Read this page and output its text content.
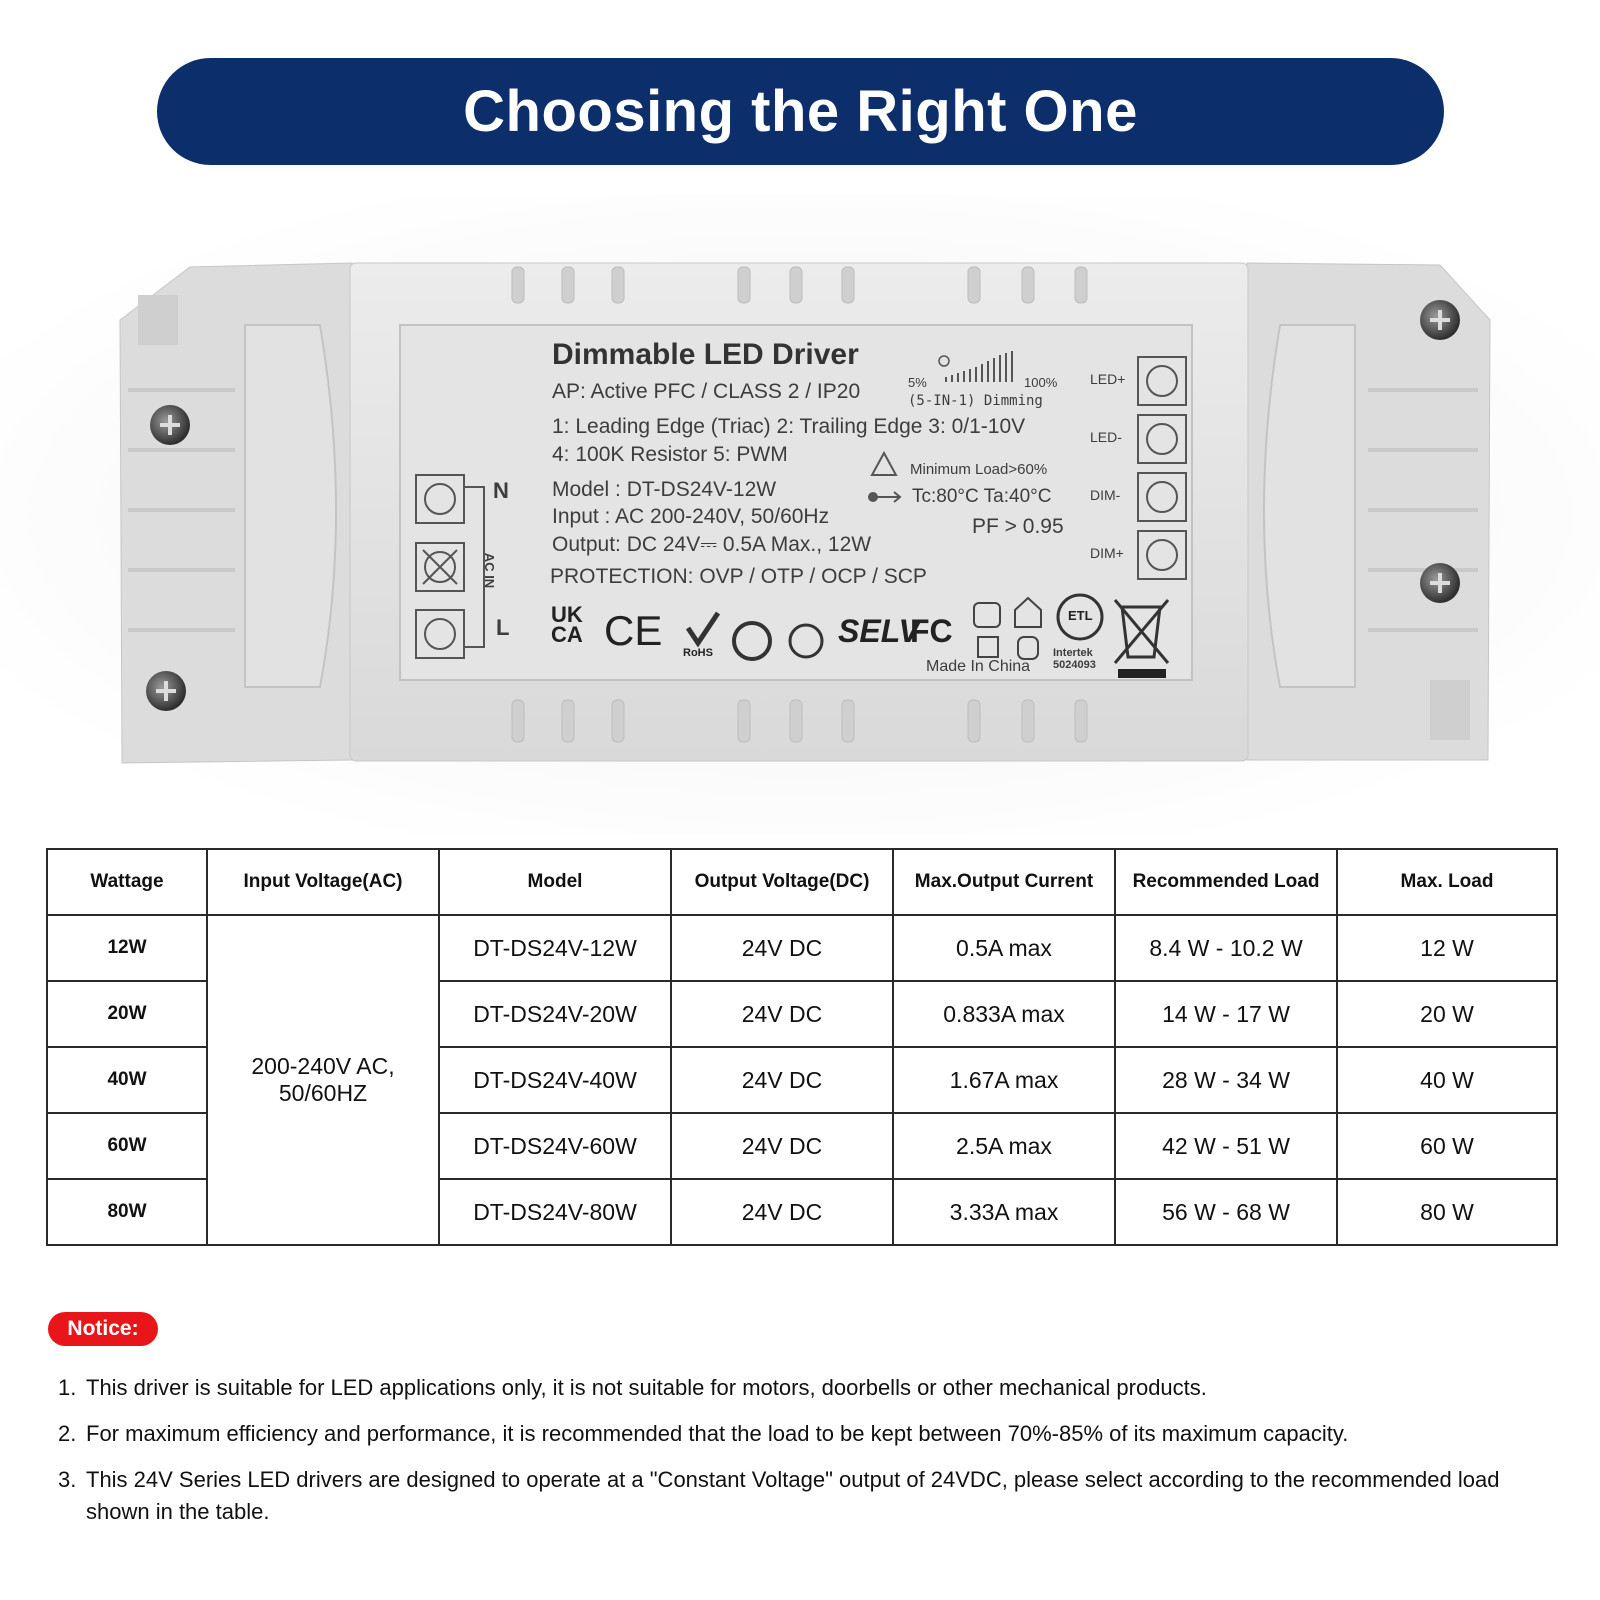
Choosing the Right One
Dimmable LED Driver
AP: Active PFC / CLASS 2 / IP20	5%	100%
(5-IN-1) Dimming
1: Leading Edge (Triac) 2: Trailing Edge 3: 0/1-10V
4: 100K Resistor 5: PWM
Minimum Load>60%
Model : DT-DS24V-12W	Tc:80°C Ta:40°C
Input : AC 200-240V, 50/60Hz	PF > 0.95
Output: DC 24V⎓ 0.5A Max., 12W
PROTECTION: OVP / OTP / OCP / SCP
N
L
AC IN
LED+
LED-
DIM-
DIM+
UK
CA CE RoHS
SELV
FC	ETL
Intertek
5024093
Made In China
Wattage	Input Voltage(AC)	Model	Output Voltage(DC)	Max.Output Current	Recommended Load	Max. Load
12W	200-240V AC,
50/60HZ	DT-DS24V-12W	24V DC	0.5A max	8.4 W - 10.2 W	12 W
20W		DT-DS24V-20W	24V DC	0.833A max	14 W - 17 W	20 W
40W		DT-DS24V-40W	24V DC	1.67A max	28 W - 34 W	40 W
60W		DT-DS24V-60W	24V DC	2.5A max	42 W - 51 W	60 W
80W		DT-DS24V-80W	24V DC	3.33A max	56 W - 68 W	80 W
Notice:
1. This driver is suitable for LED applications only, it is not suitable for motors, doorbells or other mechanical products.
2. For maximum efficiency and performance, it is recommended that the load to be kept between 70%-85% of its maximum capacity.
3. This 24V Series LED drivers are designed to operate at a "Constant Voltage" output of 24VDC, please select according to the recommended load shown in the table.
